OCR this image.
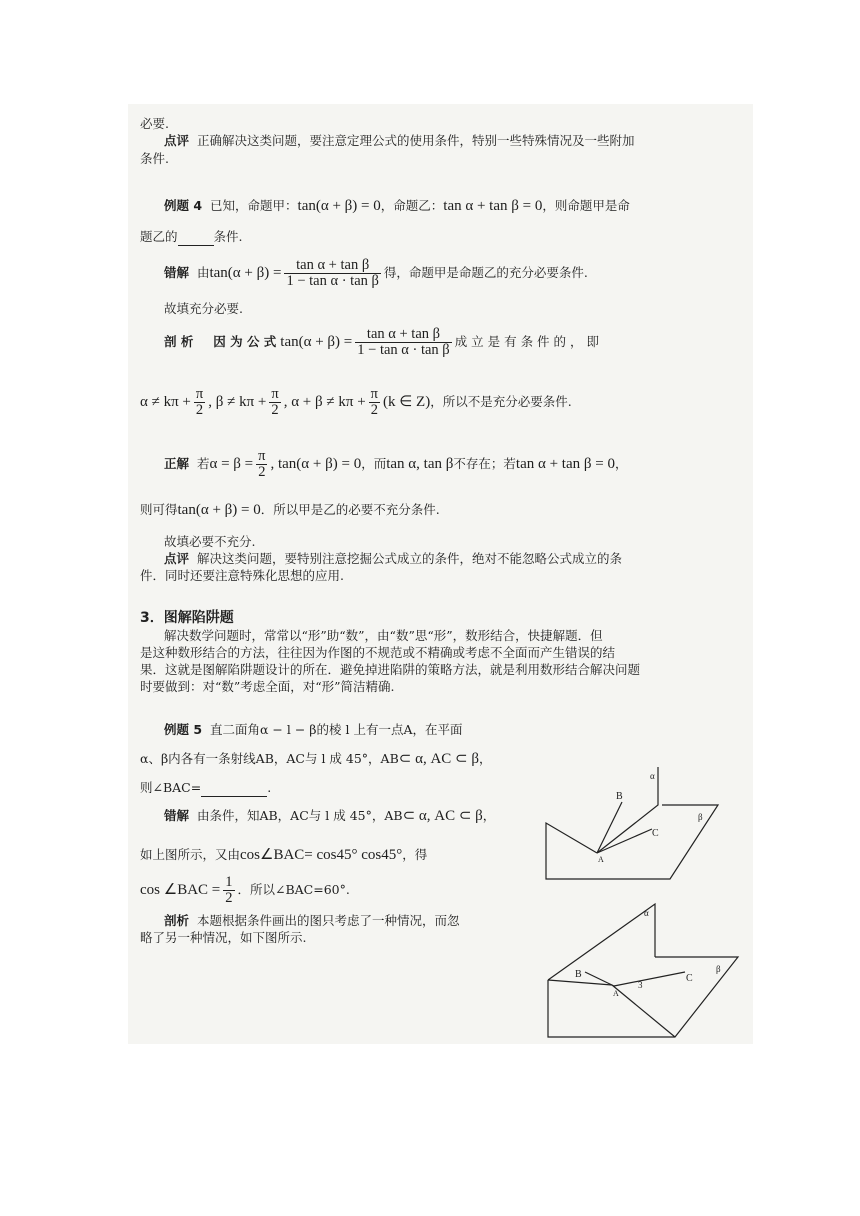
必要.
点评 正确解决这类问题，要注意定理公式的使用条件，特别一些特殊情况及一些附加
条件.
例题 4 已知，命题甲：tan(α + β) = 0，命题乙：tan α + tan β = 0，则命题甲是命
题乙的	条件.
错解 由$\tan(\alpha + \beta) = \frac{\text{tan α + tan β}}{\text{1 − tan α · tan β}}$ 得，命题甲是命题乙的充分必要条件.
故填充分必要.
剖 析 因 为 公 式 $\tan(\alpha + \beta) = \frac{\text{tan α + tan β}}{\text{1 − tan α · tan β}}$ 成 立 是 有 条 件 的 ， 即
$\alpha \ne k\pi + \frac{\pi}{2}$ , $\beta \ne k\pi + \frac{\pi}{2}$ , $\alpha + \beta \ne k\pi + \frac{\pi}{2} (k$ ∈ Z)，所以不是充分必要条件.
正解 若$\alpha = \beta = \frac{\pi}{2}$ , tan(α + β) = 0，而tan α, tan β不存在；若tan α + tan β = 0，
则可得tan(α + β) = 0．所以甲是乙的必要不充分条件.
故填必要不充分.
点评 解决这类问题，要特别注意挖掘公式成立的条件，绝对不能忽略公式成立的条
件．同时还要注意特殊化思想的应用.
3．图解陷阱题
解决数学问题时，常常以“形”助“数”，由“数”思“形”，数形结合，快捷解题．但
是这种数形结合的方法，往往因为作图的不规范或不精确或考虑不全面而产生错误的结
果．这就是图解陷阱题设计的所在．避免掉进陷阱的策略方法，就是利用数形结合解决问题
时要做到：对“数”考虑全面，对“形”简洁精确.
例题 5 直二面角α − l − β的棱 l 上有一点A，在平面
α、β内各有一条射线AB，AC与 l 成 45°，AB⊂ α, AC ⊂ β，
则∠BAC=	.
错解 由条件，知AB，AC与 l 成 45°，AB⊂ α, AC ⊂ β，
如上图所示，又由cos∠BAC= cos45° cos45°，得
cos ∠BAC = $\frac{1}{2}$ ．所以∠BAC=60°.
剖析 本题根据条件画出的图只考虑了一种情况，而忽
略了另一种情况，如下图所示.
α
β
B
C
A
α
β
B	C
A
3
